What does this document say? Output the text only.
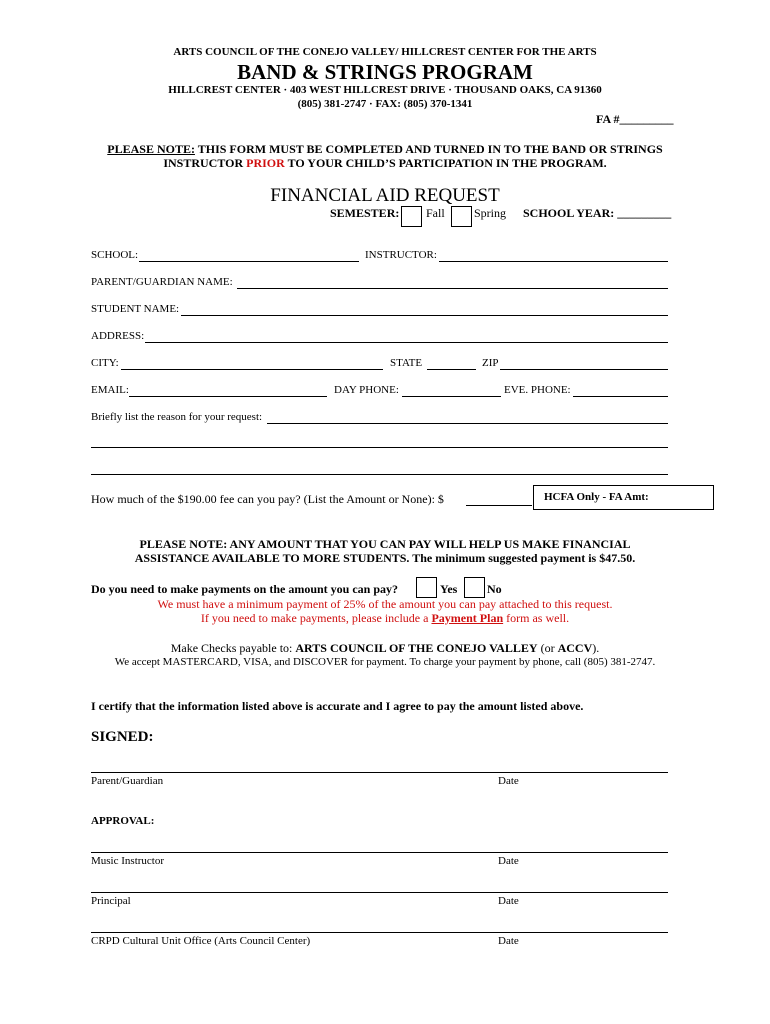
ARTS COUNCIL OF THE CONEJO VALLEY/ HILLCREST CENTER FOR THE ARTS
BAND & STRINGS PROGRAM
HILLCREST CENTER · 403 WEST HILLCREST DRIVE · THOUSAND OAKS, CA 91360
(805) 381-2747 · FAX: (805) 370-1341
FA #_________
PLEASE NOTE: THIS FORM MUST BE COMPLETED AND TURNED IN TO THE BAND OR STRINGS
INSTRUCTOR PRIOR TO YOUR CHILD’S PARTICIPATION IN THE PROGRAM.
FINANCIAL AID REQUEST
SEMESTER: Fall Spring SCHOOL YEAR: _________
SCHOOL:	INSTRUCTOR:
PARENT/GUARDIAN NAME:
STUDENT NAME:
ADDRESS:
CITY:	STATE	ZIP
EMAIL:	DAY PHONE:	EVE. PHONE:
Briefly list the reason for your request:
How much of the $190.00 fee can you pay? (List the Amount or None): $	HCFA Only - FA Amt:
PLEASE NOTE: ANY AMOUNT THAT YOU CAN PAY WILL HELP US MAKE FINANCIAL
ASSISTANCE AVAILABLE TO MORE STUDENTS. The minimum suggested payment is $47.50.
Do you need to make payments on the amount you can pay?	Yes No
We must have a minimum payment of 25% of the amount you can pay attached to this request.
If you need to make payments, please include a Payment Plan form as well.
Make Checks payable to: ARTS COUNCIL OF THE CONEJO VALLEY (or ACCV).
We accept MASTERCARD, VISA, and DISCOVER for payment. To charge your payment by phone, call (805) 381-2747.
I certify that the information listed above is accurate and I agree to pay the amount listed above.
SIGNED:
Parent/Guardian	Date
APPROVAL:
Music Instructor	Date
Principal	Date
CRPD Cultural Unit Office (Arts Council Center)	Date
